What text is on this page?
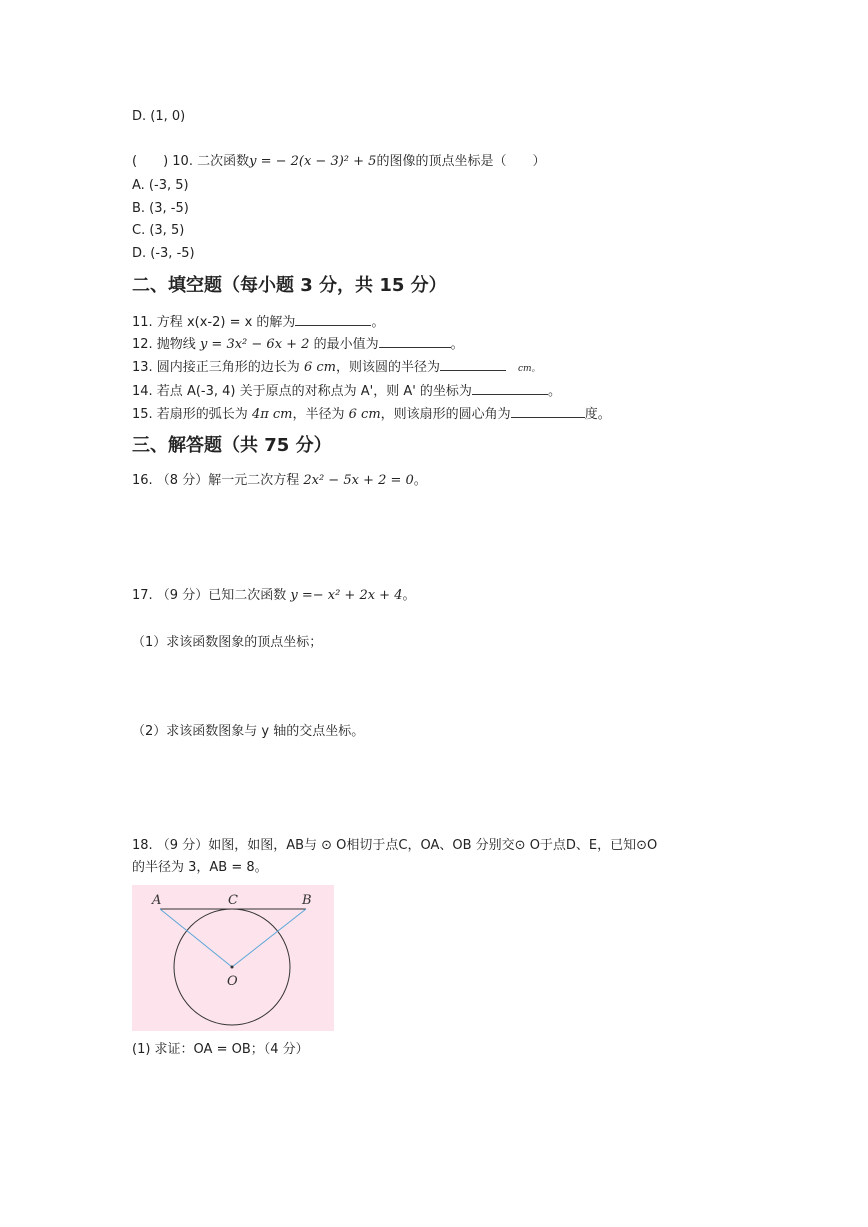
D. (1, 0)
(　　) 10. 二次函数y = − 2(x − 3)² + 5的图像的顶点坐标是（　　）
A. (-3, 5)
B. (3, -5)
C. (3, 5)
D. (-3, -5)
二、填空题（每小题 3 分，共 15 分）
11. 方程 x(x-2) = x 的解为	。
12. 抛物线 y = 3x² − 6x + 2 的最小值为	。
13. 圆内接正三角形的边长为 6 cm，则该圆的半径为	cm。
14. 若点 A(-3, 4) 关于原点的对称点为 A'，则 A' 的坐标为	。
15. 若扇形的弧长为 4π cm，半径为 6 cm，则该扇形的圆心角为	度。
三、解答题（共 75 分）
16. （8 分）解一元二次方程 2x² − 5x + 2 = 0。
17. （9 分）已知二次函数 y =− x² + 2x + 4。
（1）求该函数图象的顶点坐标；
（2）求该函数图象与 y 轴的交点坐标。
18. （9 分）如图，如图，AB与 ⊙ O相切于点C，OA、OB 分别交⊙ O于点D、E，已知⊙O
的半径为 3，AB = 8。
A	C	B
O
(1) 求证：OA = OB；（4 分）
